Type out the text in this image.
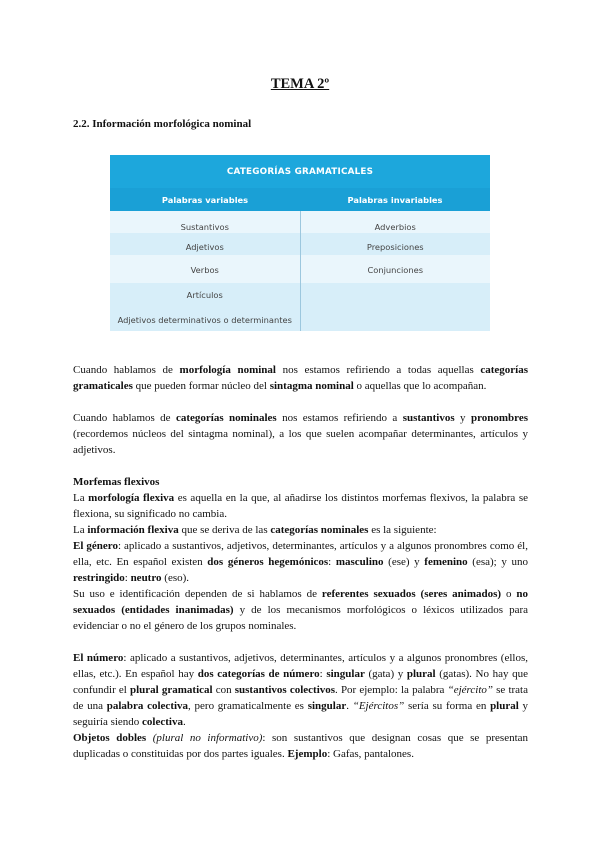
TEMA 2º
2.2. Información morfológica nominal
CATEGORÍAS GRAMATICALES
Palabras variables	Palabras invariables
Sustantivos
Adjetivos
Verbos
Artículos
Adjetivos determinativos o determinantes
Adverbios
Preposiciones
Conjunciones

Cuando hablamos de morfología nominal nos estamos refiriendo a todas aquellas categorías gramaticales que pueden formar núcleo del sintagma nominal o aquellas que lo acompañan.

Cuando hablamos de categorías nominales nos estamos refiriendo a sustantivos y pronombres (recordemos núcleos del sintagma nominal), a los que suelen acompañar determinantes, artículos y adjetivos.

Morfemas flexivos
La morfología flexiva es aquella en la que, al añadirse los distintos morfemas flexivos, la palabra se flexiona, su significado no cambia.
La información flexiva que se deriva de las categorías nominales es la siguiente:
El género: aplicado a sustantivos, adjetivos, determinantes, artículos y a algunos pronombres como él, ella, etc. En español existen dos géneros hegemónicos: masculino (ese) y femenino (esa); y uno restringido: neutro (eso).
Su uso e identificación dependen de si hablamos de referentes sexuados (seres animados) o no sexuados (entidades inanimadas) y de los mecanismos morfológicos o léxicos utilizados para evidenciar o no el género de los grupos nominales.

El número: aplicado a sustantivos, adjetivos, determinantes, artículos y a algunos pronombres (ellos, ellas, etc.). En español hay dos categorías de número: singular (gata) y plural (gatas). No hay que confundir el plural gramatical con sustantivos colectivos. Por ejemplo: la palabra “ejército” se trata de una palabra colectiva, pero gramaticalmente es singular. “Ejércitos” sería su forma en plural y seguiría siendo colectiva.
Objetos dobles (plural no informativo): son sustantivos que designan cosas que se presentan duplicadas o constituidas por dos partes iguales. Ejemplo: Gafas, pantalones.
